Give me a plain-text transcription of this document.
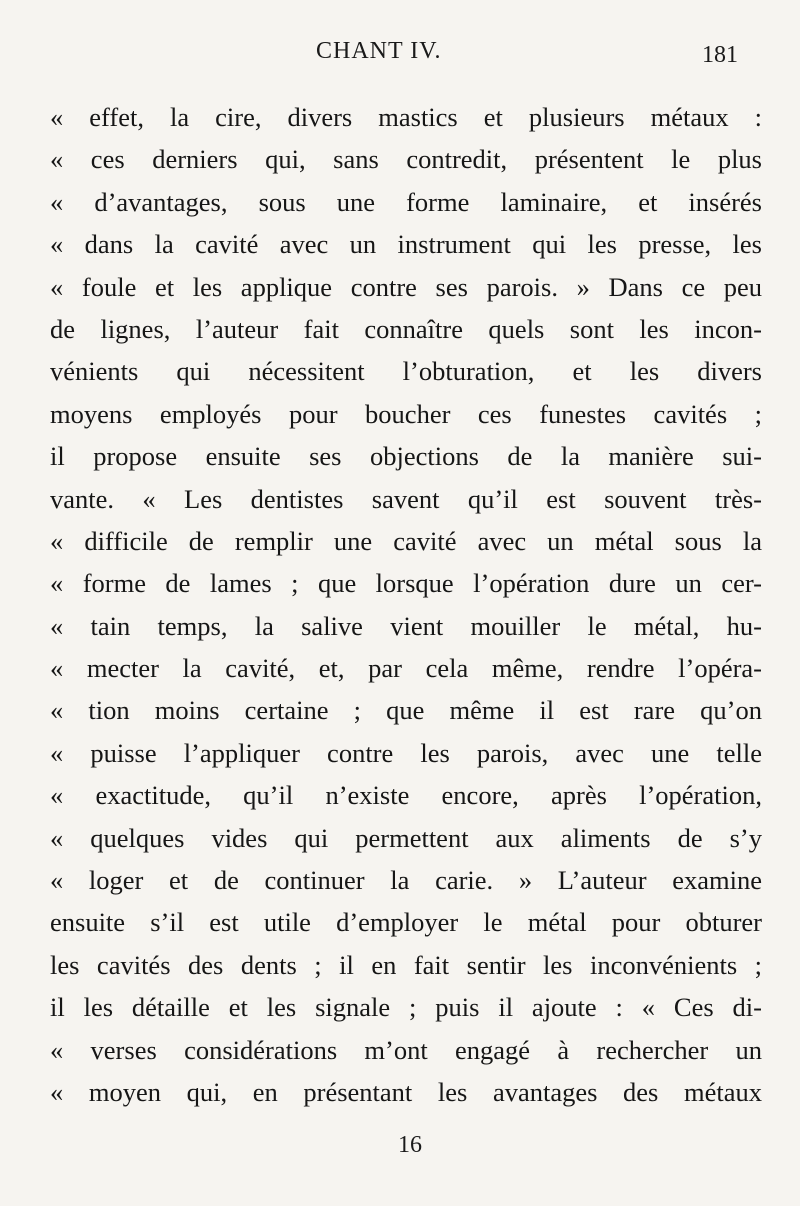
CHANT IV.	181
« effet, la cire, divers mastics et plusieurs métaux :
« ces derniers qui, sans contredit, présentent le plus
« d’avantages, sous une forme laminaire, et insérés
« dans la cavité avec un instrument qui les presse, les
« foule et les applique contre ses parois. » Dans ce peu
de lignes, l’auteur fait connaître quels sont les incon-
vénients qui nécessitent l’obturation, et les divers
moyens employés pour boucher ces funestes cavités ;
il propose ensuite ses objections de la manière sui-
vante. « Les dentistes savent qu’il est souvent très-
« difficile de remplir une cavité avec un métal sous la
« forme de lames ; que lorsque l’opération dure un cer-
« tain temps, la salive vient mouiller le métal, hu-
« mecter la cavité, et, par cela même, rendre l’opéra-
« tion moins certaine ; que même il est rare qu’on
« puisse l’appliquer contre les parois, avec une telle
« exactitude, qu’il n’existe encore, après l’opération,
« quelques vides qui permettent aux aliments de s’y
« loger et de continuer la carie. » L’auteur examine
ensuite s’il est utile d’employer le métal pour obturer
les cavités des dents ; il en fait sentir les inconvénients ;
il les détaille et les signale ; puis il ajoute : « Ces di-
« verses considérations m’ont engagé à rechercher un
« moyen qui, en présentant les avantages des métaux
16
